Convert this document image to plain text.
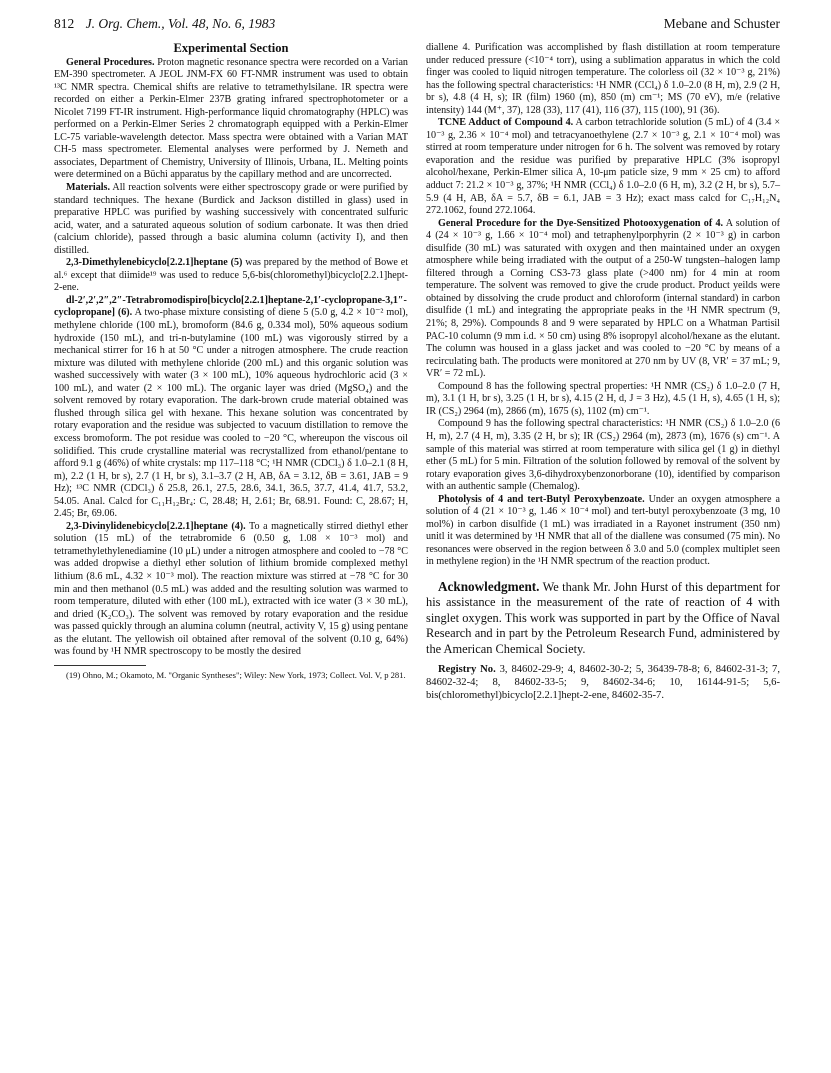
812 J. Org. Chem., Vol. 48, No. 6, 1983	Mebane and Schuster
Experimental Section

General Procedures. Proton magnetic resonance spectra were recorded on a Varian EM-390 spectrometer. A JEOL JNM-FX 60 FT-NMR instrument was used to obtain ¹³C NMR spectra. Chemical shifts are relative to tetramethylsilane. IR spectra were recorded on either a Perkin-Elmer 237B grating infrared spectrophotometer or a Nicolet 7199 FT-IR instrument. High-performance liquid chromatography (HPLC) was performed on a Perkin-Elmer Series 2 chromatograph equipped with a Perkin-Elmer LC-75 variable-wavelength detector. Mass spectra were obtained with a Varian MAT CH-5 mass spectrometer. Elemental analyses were performed by J. Nemeth and associates, Department of Chemistry, University of Illinois, Urbana, IL. Melting points were determined on a Büchi apparatus by the capillary method and are uncorrected.

Materials. All reaction solvents were either spectroscopy grade or were purified by standard techniques. The hexane (Burdick and Jackson distilled in glass) used in preparative HPLC was purified by washing successively with concentrated sulfuric acid, water, and a saturated aqueous solution of sodium carbonate. It was then dried (calcium chloride), passed through a basic alumina column (activity I), and then distilled.

2,3-Dimethylenebicyclo[2.2.1]heptane (5) was prepared by the method of Bowe et al.⁶ except that diimide¹⁹ was used to reduce 5,6-bis(chloromethyl)bicyclo[2.2.1]hept-2-ene.

dl-2′,2′,2″,2″-Tetrabromodispiro[bicyclo[2.2.1]heptane-2,1′-cyclopropane-3,1″-cyclopropane] (6). A two-phase mixture consisting of diene 5 (5.0 g, 4.2 × 10⁻² mol), methylene chloride (100 mL), bromoform (84.6 g, 0.334 mol), 50% aqueous sodium hydroxide (150 mL), and tri-n-butylamine (100 mL) was vigorously stirred by a mechanical stirrer for 16 h at 50 °C under a nitrogen atmosphere. The crude reaction mixture was diluted with methylene chloride (200 mL) and this organic solution was washed successively with water (3 × 100 mL), 10% aqueous hydrochloric acid (3 × 100 mL), and water (2 × 100 mL). The organic layer was dried (MgSO₄) and the solvent removed by rotary evaporation. The dark-brown crude material obtained was flushed through silica gel with hexane. This hexane solution was concentrated by rotary evaporation and the residue was subjected to vacuum distillation to remove the excess bromoform. The pot residue was cooled to −20 °C, whereupon the viscous oil solidified. This crude crystalline material was recrystallized from ethanol/pentane to afford 9.1 g (46%) of white crystals: mp 117–118 °C; ¹H NMR (CDCl₃) δ 1.0–2.1 (8 H, m), 2.2 (1 H, br s), 2.7 (1 H, br s), 3.1–3.7 (2 H, AB, δA = 3.12, δB = 3.61, JAB = 9 Hz); ¹³C NMR (CDCl₃) δ 25.8, 26.1, 27.5, 28.6, 34.1, 36.5, 37.7, 41.4, 41.7, 53.2, 54.05. Anal. Calcd for C₁₁H₁₂Br₄: C, 28.48; H, 2.61; Br, 68.91. Found: C, 28.67; H, 2.45; Br, 69.06.

2,3-Divinylidenebicyclo[2.2.1]heptane (4). To a magnetically stirred diethyl ether solution (15 mL) of the tetrabromide 6 (0.50 g, 1.08 × 10⁻³ mol) and tetramethylethylenediamine (10 μL) under a nitrogen atmosphere and cooled to −78 °C was added dropwise a diethyl ether solution of lithium bromide complexed methyl lithium (8.6 mL, 4.32 × 10⁻³ mol). The reaction mixture was stirred at −78 °C for 30 min and then methanol (0.5 mL) was added and the resulting solution was warmed to room temperature, diluted with ether (100 mL), extracted with ice water (3 × 30 mL), and dried (K₂CO₃). The solvent was removed by rotary evaporation and the residue was passed quickly through an alumina column (neutral, activity V, 15 g) using pentane as the elutant. The yellowish oil obtained after removal of the solvent (0.10 g, 64%) was found by ¹H NMR spectroscopy to be mostly the desired

(19) Ohno, M.; Okamoto, M. "Organic Syntheses"; Wiley: New York, 1973; Collect. Vol. V, p 281.

diallene 4. Purification was accomplished by flash distillation at room temperature under reduced pressure (<10⁻⁴ torr), using a sublimation apparatus in which the cold finger was cooled to liquid nitrogen temperature. The colorless oil (32 × 10⁻³ g, 21%) has the following spectral characteristics: ¹H NMR (CCl₄) δ 1.0–2.0 (8 H, m), 2.9 (2 H, br s), 4.8 (4 H, s); IR (film) 1960 (m), 850 (m) cm⁻¹; MS (70 eV), m/e (relative intensity) 144 (M⁺, 37), 128 (33), 117 (41), 116 (37), 115 (100), 91 (36).

TCNE Adduct of Compound 4. A carbon tetrachloride solution (5 mL) of 4 (3.4 × 10⁻³ g, 2.36 × 10⁻⁴ mol) and tetracyanoethylene (2.7 × 10⁻³ g, 2.1 × 10⁻⁴ mol) was stirred at room temperature under nitrogen for 6 h. The solvent was removed by rotary evaporation and the residue was purified by preparative HPLC (3% isopropyl alcohol/hexane, Perkin-Elmer silica A, 10-μm paticle size, 9 mm × 25 cm) to afford adduct 7: 21.2 × 10⁻³ g, 37%; ¹H NMR (CCl₄) δ 1.0–2.0 (6 H, m), 3.2 (2 H, br s), 5.7–5.9 (4 H, AB, δA = 5.7, δB = 6.1, JAB = 3 Hz); exact mass calcd for C₁₇H₁₂N₄ 272.1062, found 272.1064.

General Procedure for the Dye-Sensitized Photooxygenation of 4. A solution of 4 (24 × 10⁻³ g, 1.66 × 10⁻⁴ mol) and tetraphenylporphyrin (2 × 10⁻³ g) in carbon disulfide (30 mL) was saturated with oxygen and then maintained under an oxygen atmosphere while being irradiated with the output of a 250-W tungsten–halogen lamp filtered through a Corning CS3-73 glass plate (>400 nm) for 4 min at room temperature. The solvent was removed to give the crude product. Product yeilds were obtained by dissolving the crude product and chloroform (internal standard) in carbon disulfide (1 mL) and integrating the appropriate peaks in the ¹H NMR spectrum (9, 21%; 8, 29%). Compounds 8 and 9 were separated by HPLC on a Whatman Partisil PAC-10 column (9 mm i.d. × 50 cm) using 8% isopropyl alcohol/hexane as the elutant. The column was housed in a glass jacket and was cooled to −20 °C by means of a recirculating bath. The products were monitored at 270 nm by UV (8, VR′ = 37 mL; 9, VR′ = 72 mL).

Compound 8 has the following spectral properties: ¹H NMR (CS₂) δ 1.0–2.0 (7 H, m), 3.1 (1 H, br s), 3.25 (1 H, br s), 4.15 (2 H, d, J = 3 Hz), 4.5 (1 H, s), 4.65 (1 H, s); IR (CS₂) 2964 (m), 2866 (m), 1675 (s), 1102 (m) cm⁻¹.

Compound 9 has the following spectral characteristics: ¹H NMR (CS₂) δ 1.0–2.0 (6 H, m), 2.7 (4 H, m), 3.35 (2 H, br s); IR (CS₂) 2964 (m), 2873 (m), 1676 (s) cm⁻¹. A sample of this material was stirred at room temperature with silica gel (1 g) in diethyl ether (5 mL) for 5 min. Filtration of the solution followed by removal of the solvent by rotary evaporation gives 3,6-dihydroxybenzonorborane (10), identified by comparison with an authentic sample (Chemalog).

Photolysis of 4 and tert-Butyl Peroxybenzoate. Under an oxygen atmosphere a solution of 4 (21 × 10⁻³ g, 1.46 × 10⁻⁴ mol) and tert-butyl peroxybenzoate (3 mg, 10 mol%) in carbon disulfide (1 mL) was irradiated in a Rayonet instrument (350 nm) unitl it was determined by ¹H NMR that all of the diallene was consumed (75 min). No resonances were observed in the region between δ 3.0 and 5.0 (complex multiplet seen in methylene region) in the ¹H NMR spectrum of the reaction product.

Acknowledgment. We thank Mr. John Hurst of this department for his assistance in the measurement of the rate of reaction of 4 with singlet oxygen. This work was supported in part by the Office of Naval Research and in part by the Petroleum Research Fund, administered by the American Chemical Society.

Registry No. 3, 84602-29-9; 4, 84602-30-2; 5, 36439-78-8; 6, 84602-31-3; 7, 84602-32-4; 8, 84602-33-5; 9, 84602-34-6; 10, 16144-91-5; 5,6-bis(chloromethyl)bicyclo[2.2.1]hept-2-ene, 84602-35-7.
